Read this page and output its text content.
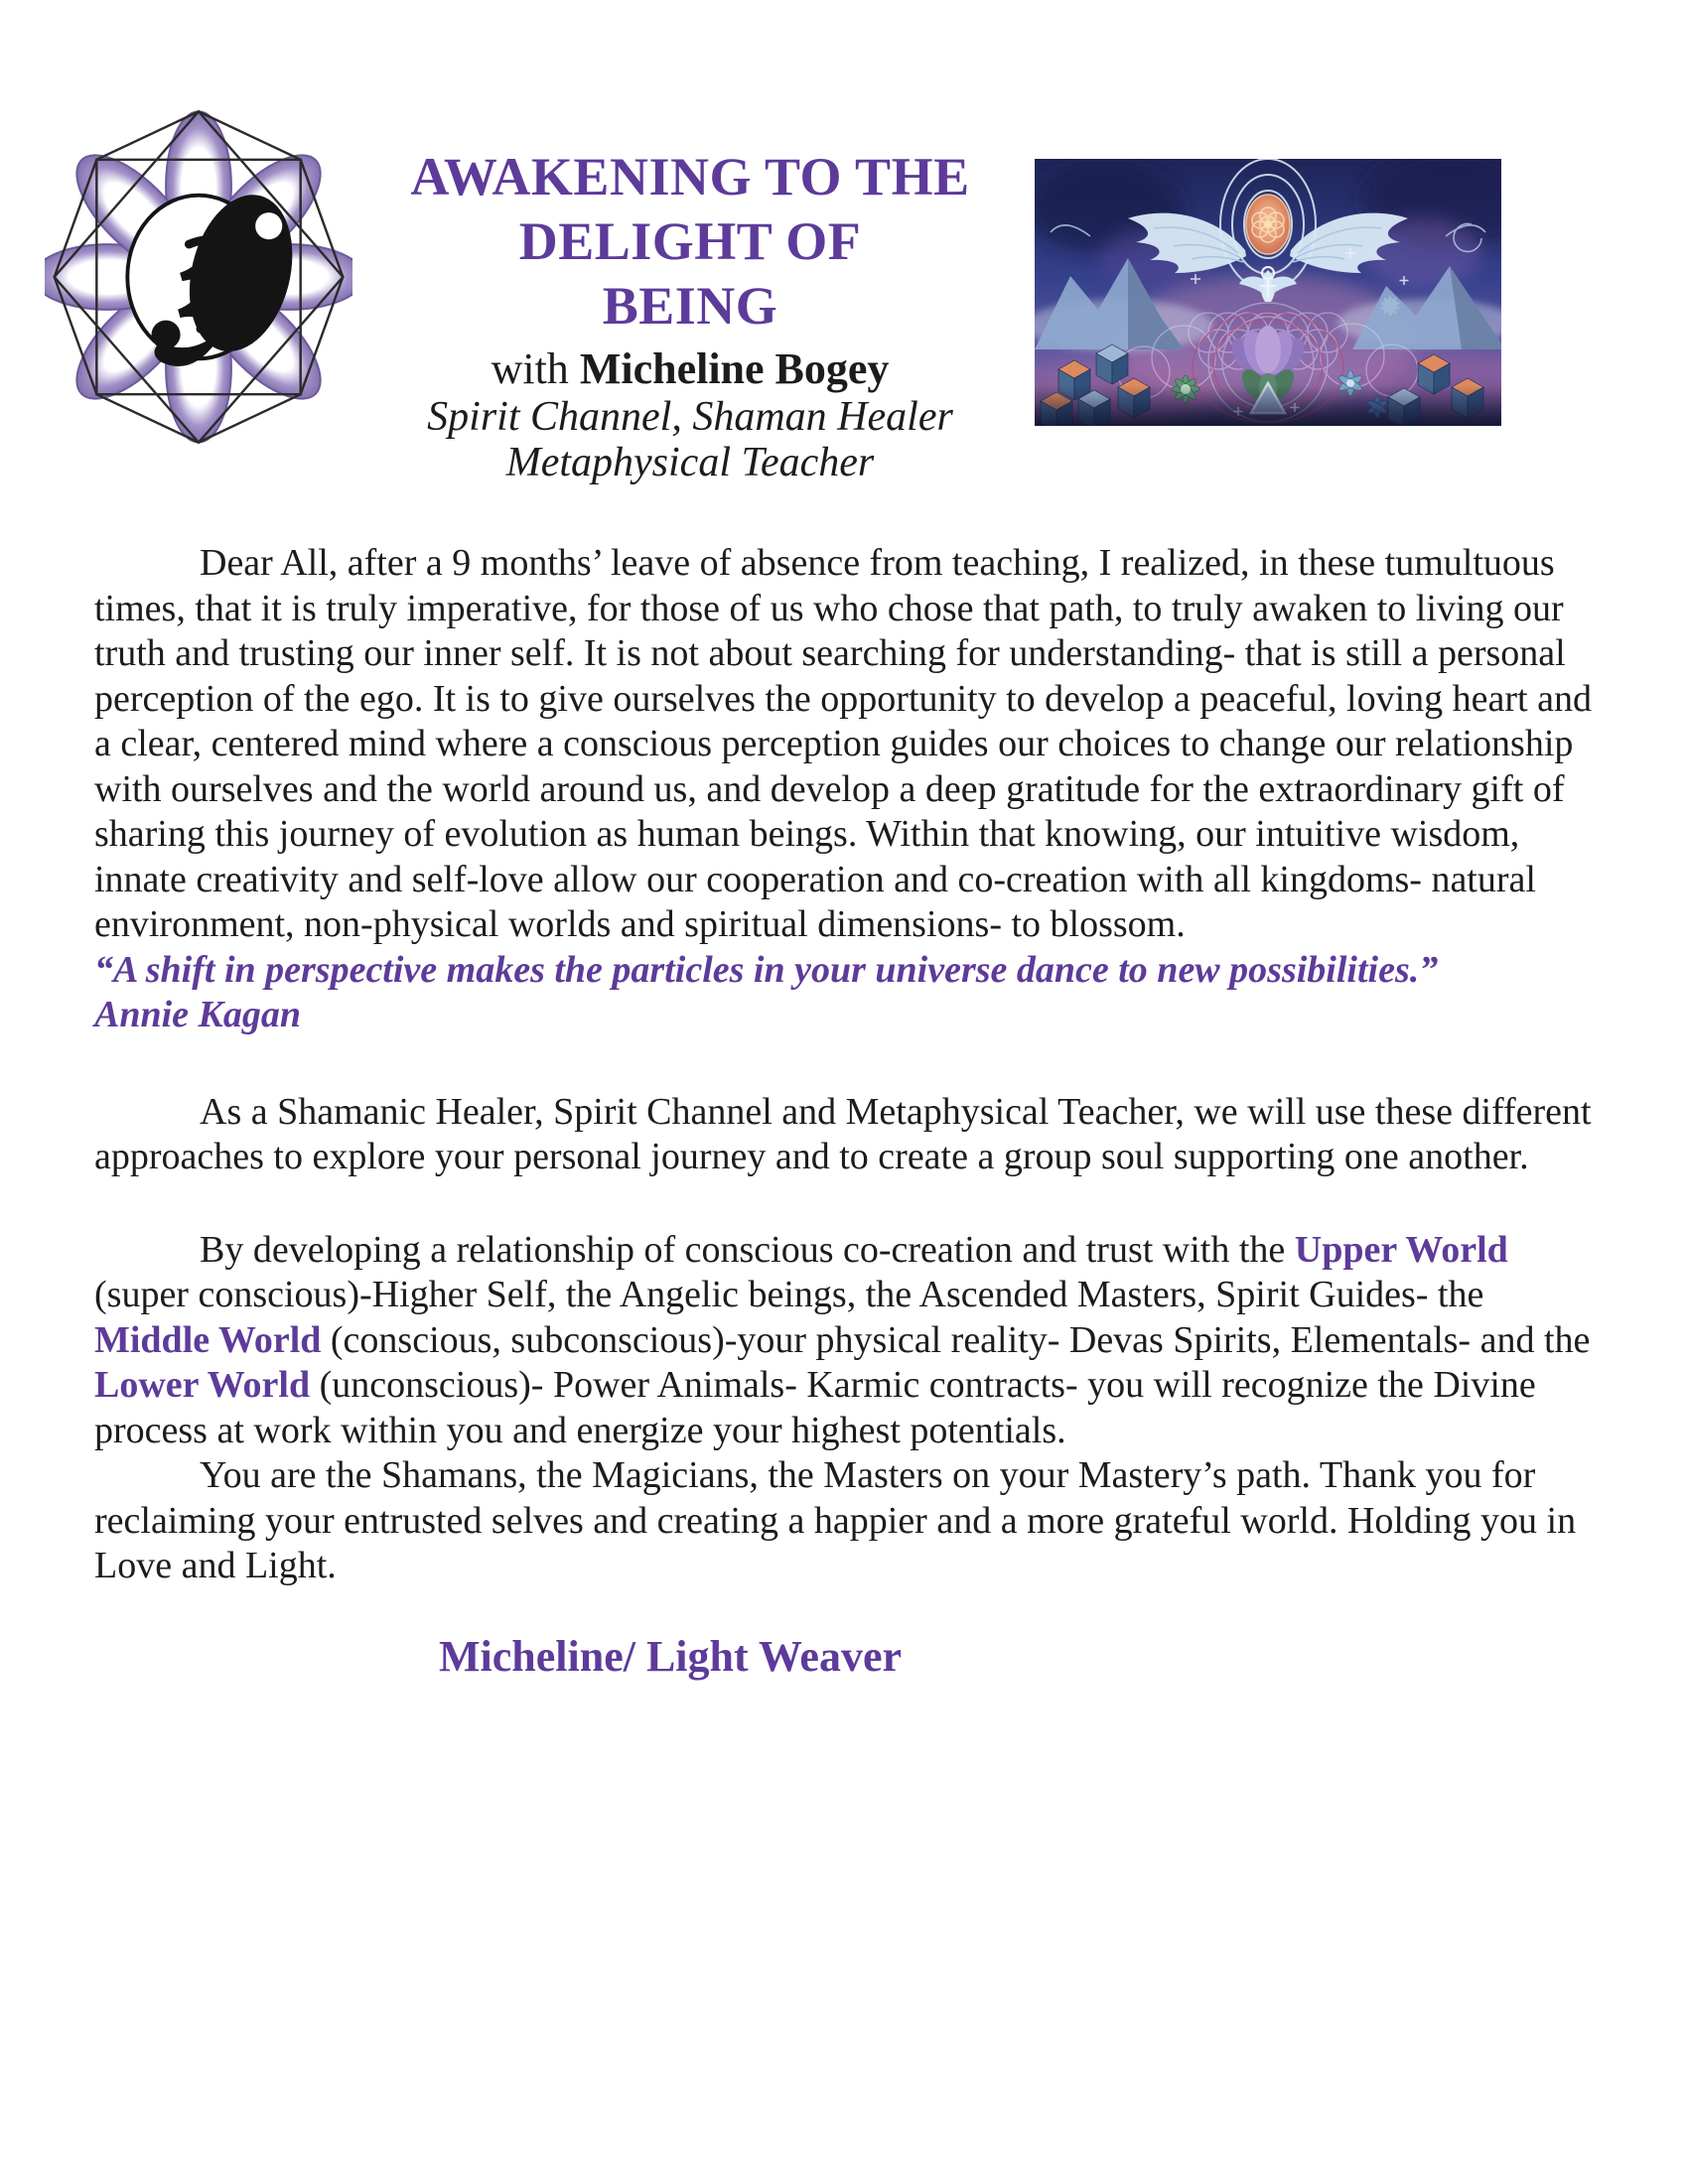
AWAKENING TO THE
DELIGHT OF
BEING
with Micheline Bogey
Spirit Channel, Shaman Healer
Metaphysical Teacher

Dear All, after a 9 months’ leave of absence from teaching, I realized, in these tumultuous times, that it is truly imperative, for those of us who chose that path, to truly awaken to living our truth and trusting our inner self. It is not about searching for understanding- that is still a personal perception of the ego. It is to give ourselves the opportunity to develop a peaceful, loving heart and a clear, centered mind where a conscious perception guides our choices to change our relationship with ourselves and the world around us, and develop a deep gratitude for the extraordinary gift of sharing this journey of evolution as human beings. Within that knowing, our intuitive wisdom, innate creativity and self-love allow our cooperation and co-creation with all kingdoms- natural environment, non-physical worlds and spiritual dimensions- to blossom.

“A shift in perspective makes the particles in your universe dance to new possibilities.”

Annie Kagan

As a Shamanic Healer, Spirit Channel and Metaphysical Teacher, we will use these different approaches to explore your personal journey and to create a group soul supporting one another.

By developing a relationship of conscious co-creation and trust with the Upper World (super conscious)-Higher Self, the Angelic beings, the Ascended Masters, Spirit Guides- the Middle World (conscious, subconscious)-your physical reality- Devas Spirits, Elementals- and the Lower World (unconscious)- Power Animals- Karmic contracts- you will recognize the Divine process at work within you and energize your highest potentials.

You are the Shamans, the Magicians, the Masters on your Mastery’s path. Thank you for reclaiming your entrusted selves and creating a happier and a more grateful world. Holding you in Love and Light.

Micheline/ Light Weaver
